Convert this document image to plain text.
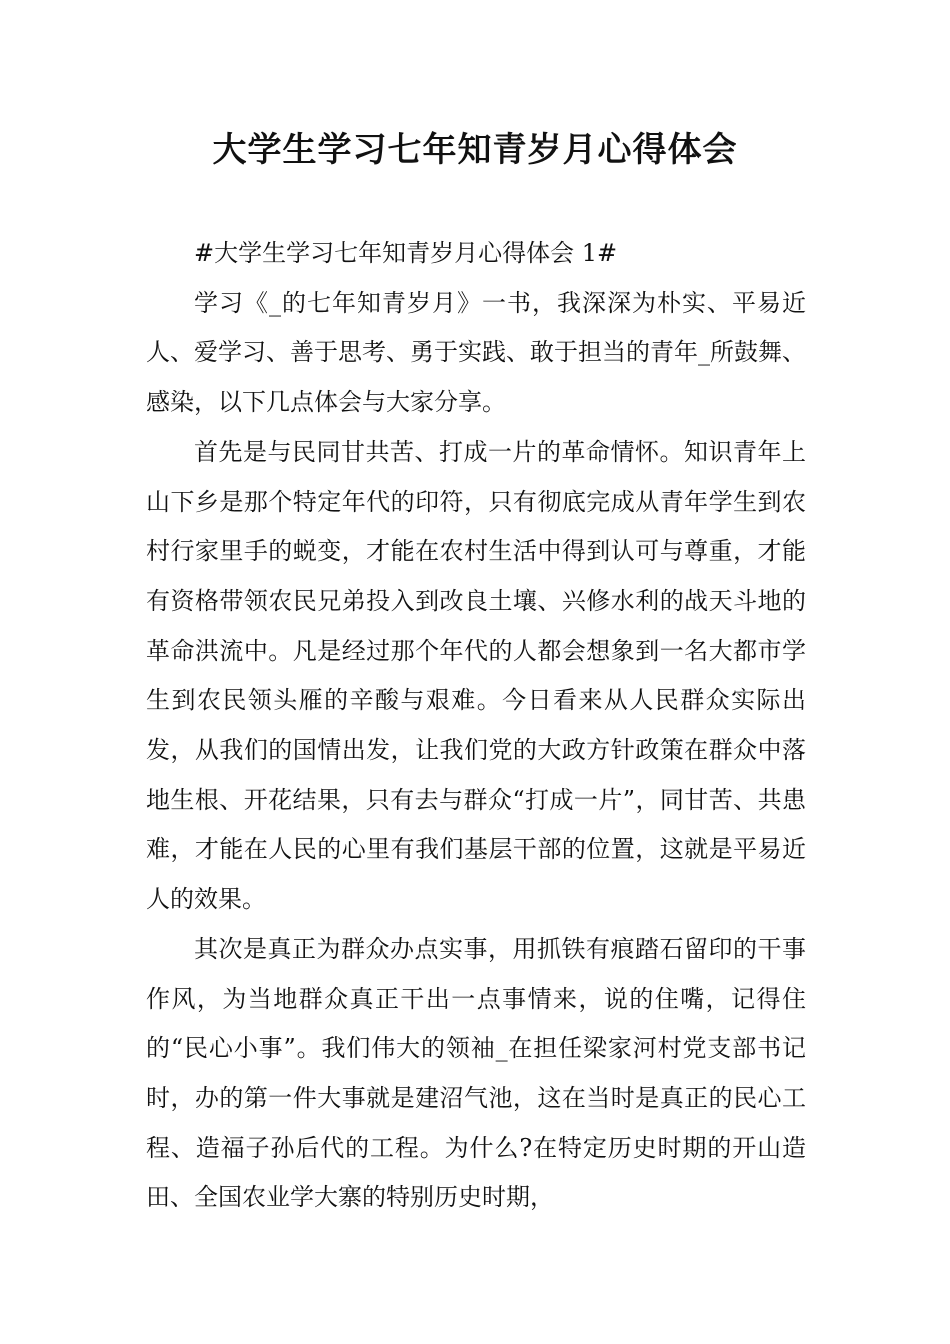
大学生学习七年知青岁月心得体会

#大学生学习七年知青岁月心得体会 1#

学习《_的七年知青岁月》一书，我深深为朴实、平易近人、爱学习、善于思考、勇于实践、敢于担当的青年_所鼓舞、感染，以下几点体会与大家分享。

首先是与民同甘共苦、打成一片的革命情怀。知识青年上山下乡是那个特定年代的印符，只有彻底完成从青年学生到农村行家里手的蜕变，才能在农村生活中得到认可与尊重，才能有资格带领农民兄弟投入到改良土壤、兴修水利的战天斗地的革命洪流中。凡是经过那个年代的人都会想象到一名大都市学生到农民领头雁的辛酸与艰难。今日看来从人民群众实际出发，从我们的国情出发，让我们党的大政方针政策在群众中落地生根、开花结果，只有去与群众“打成一片”，同甘苦、共患难，才能在人民的心里有我们基层干部的位置，这就是平易近人的效果。

其次是真正为群众办点实事，用抓铁有痕踏石留印的干事作风，为当地群众真正干出一点事情来，说的住嘴，记得住的“民心小事”。我们伟大的领袖_在担任梁家河村党支部书记时，办的第一件大事就是建沼气池，这在当时是真正的民心工程、造福子孙后代的工程。为什么?在特定历史时期的开山造田、全国农业学大寨的特别历史时期，
